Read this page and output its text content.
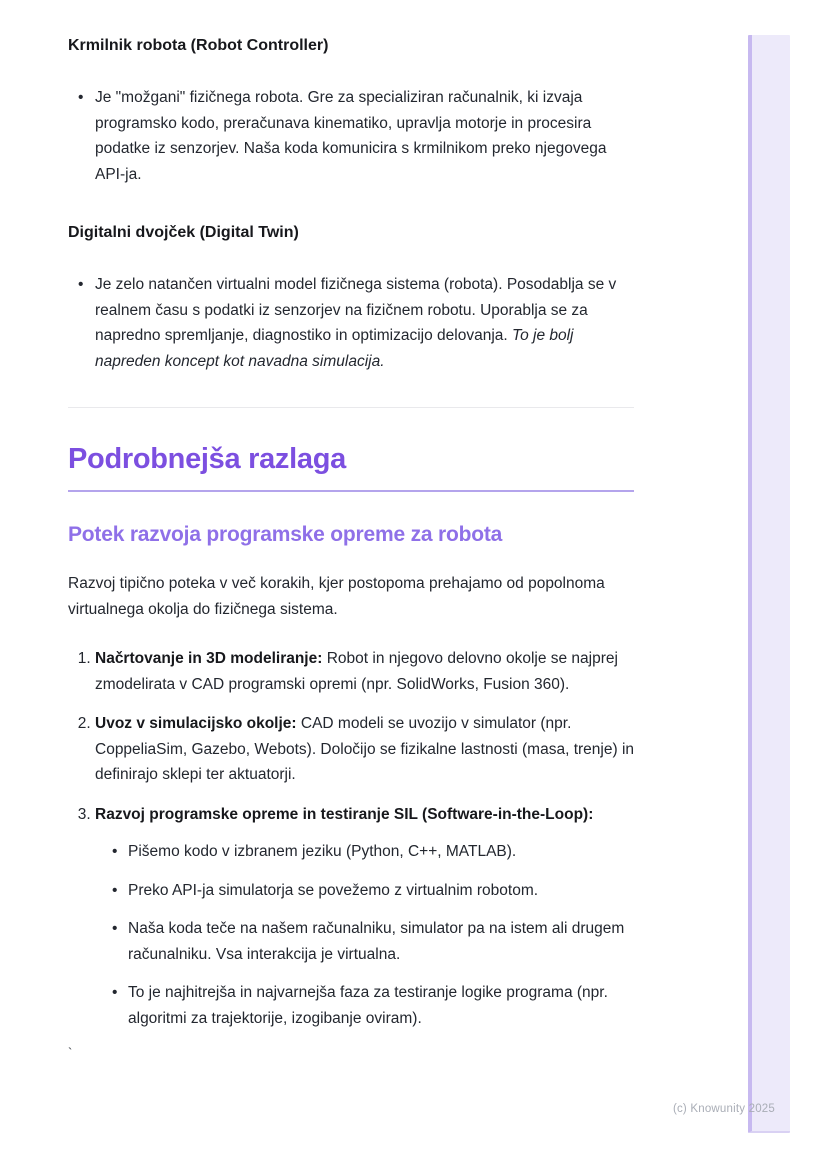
Krmilnik robota (Robot Controller)
• Je "možgani" fizičnega robota. Gre za specializiran računalnik, ki izvaja programsko kodo, preračunava kinematiko, upravlja motorje in procesira podatke iz senzorjev. Naša koda komunicira s krmilnikom preko njegovega API-ja.
Digitalni dvojček (Digital Twin)
• Je zelo natančen virtualni model fizičnega sistema (robota). Posodablja se v realnem času s podatki iz senzorjev na fizičnem robotu. Uporablja se za napredno spremljanje, diagnostiko in optimizacijo delovanja. To je bolj napreden koncept kot navadna simulacija.
Podrobnejša razlaga
Potek razvoja programske opreme za robota

Razvoj tipično poteka v več korakih, kjer postopoma prehajamo od popolnoma virtualnega okolja do fizičnega sistema.

1. Načrtovanje in 3D modeliranje: Robot in njegovo delovno okolje se najprej zmodelirata v CAD programski opremi (npr. SolidWorks, Fusion 360).
2. Uvoz v simulacijsko okolje: CAD modeli se uvozijo v simulator (npr. CoppeliaSim, Gazebo, Webots). Določijo se fizikalne lastnosti (masa, trenje) in definirajo sklepi ter aktuatorji.
3. Razvoj programske opreme in testiranje SIL (Software-in-the-Loop):
• Pišemo kodo v izbranem jeziku (Python, C++, MATLAB).
• Preko API-ja simulatorja se povežemo z virtualnim robotom.
• Naša koda teče na našem računalniku, simulator pa na istem ali drugem računalniku. Vsa interakcija je virtualna.
• To je najhitrejša in najvarnejša faza za testiranje logike programa (npr. algoritmi za trajektorije, izogibanje oviram).
`
(c) Knowunity 2025
